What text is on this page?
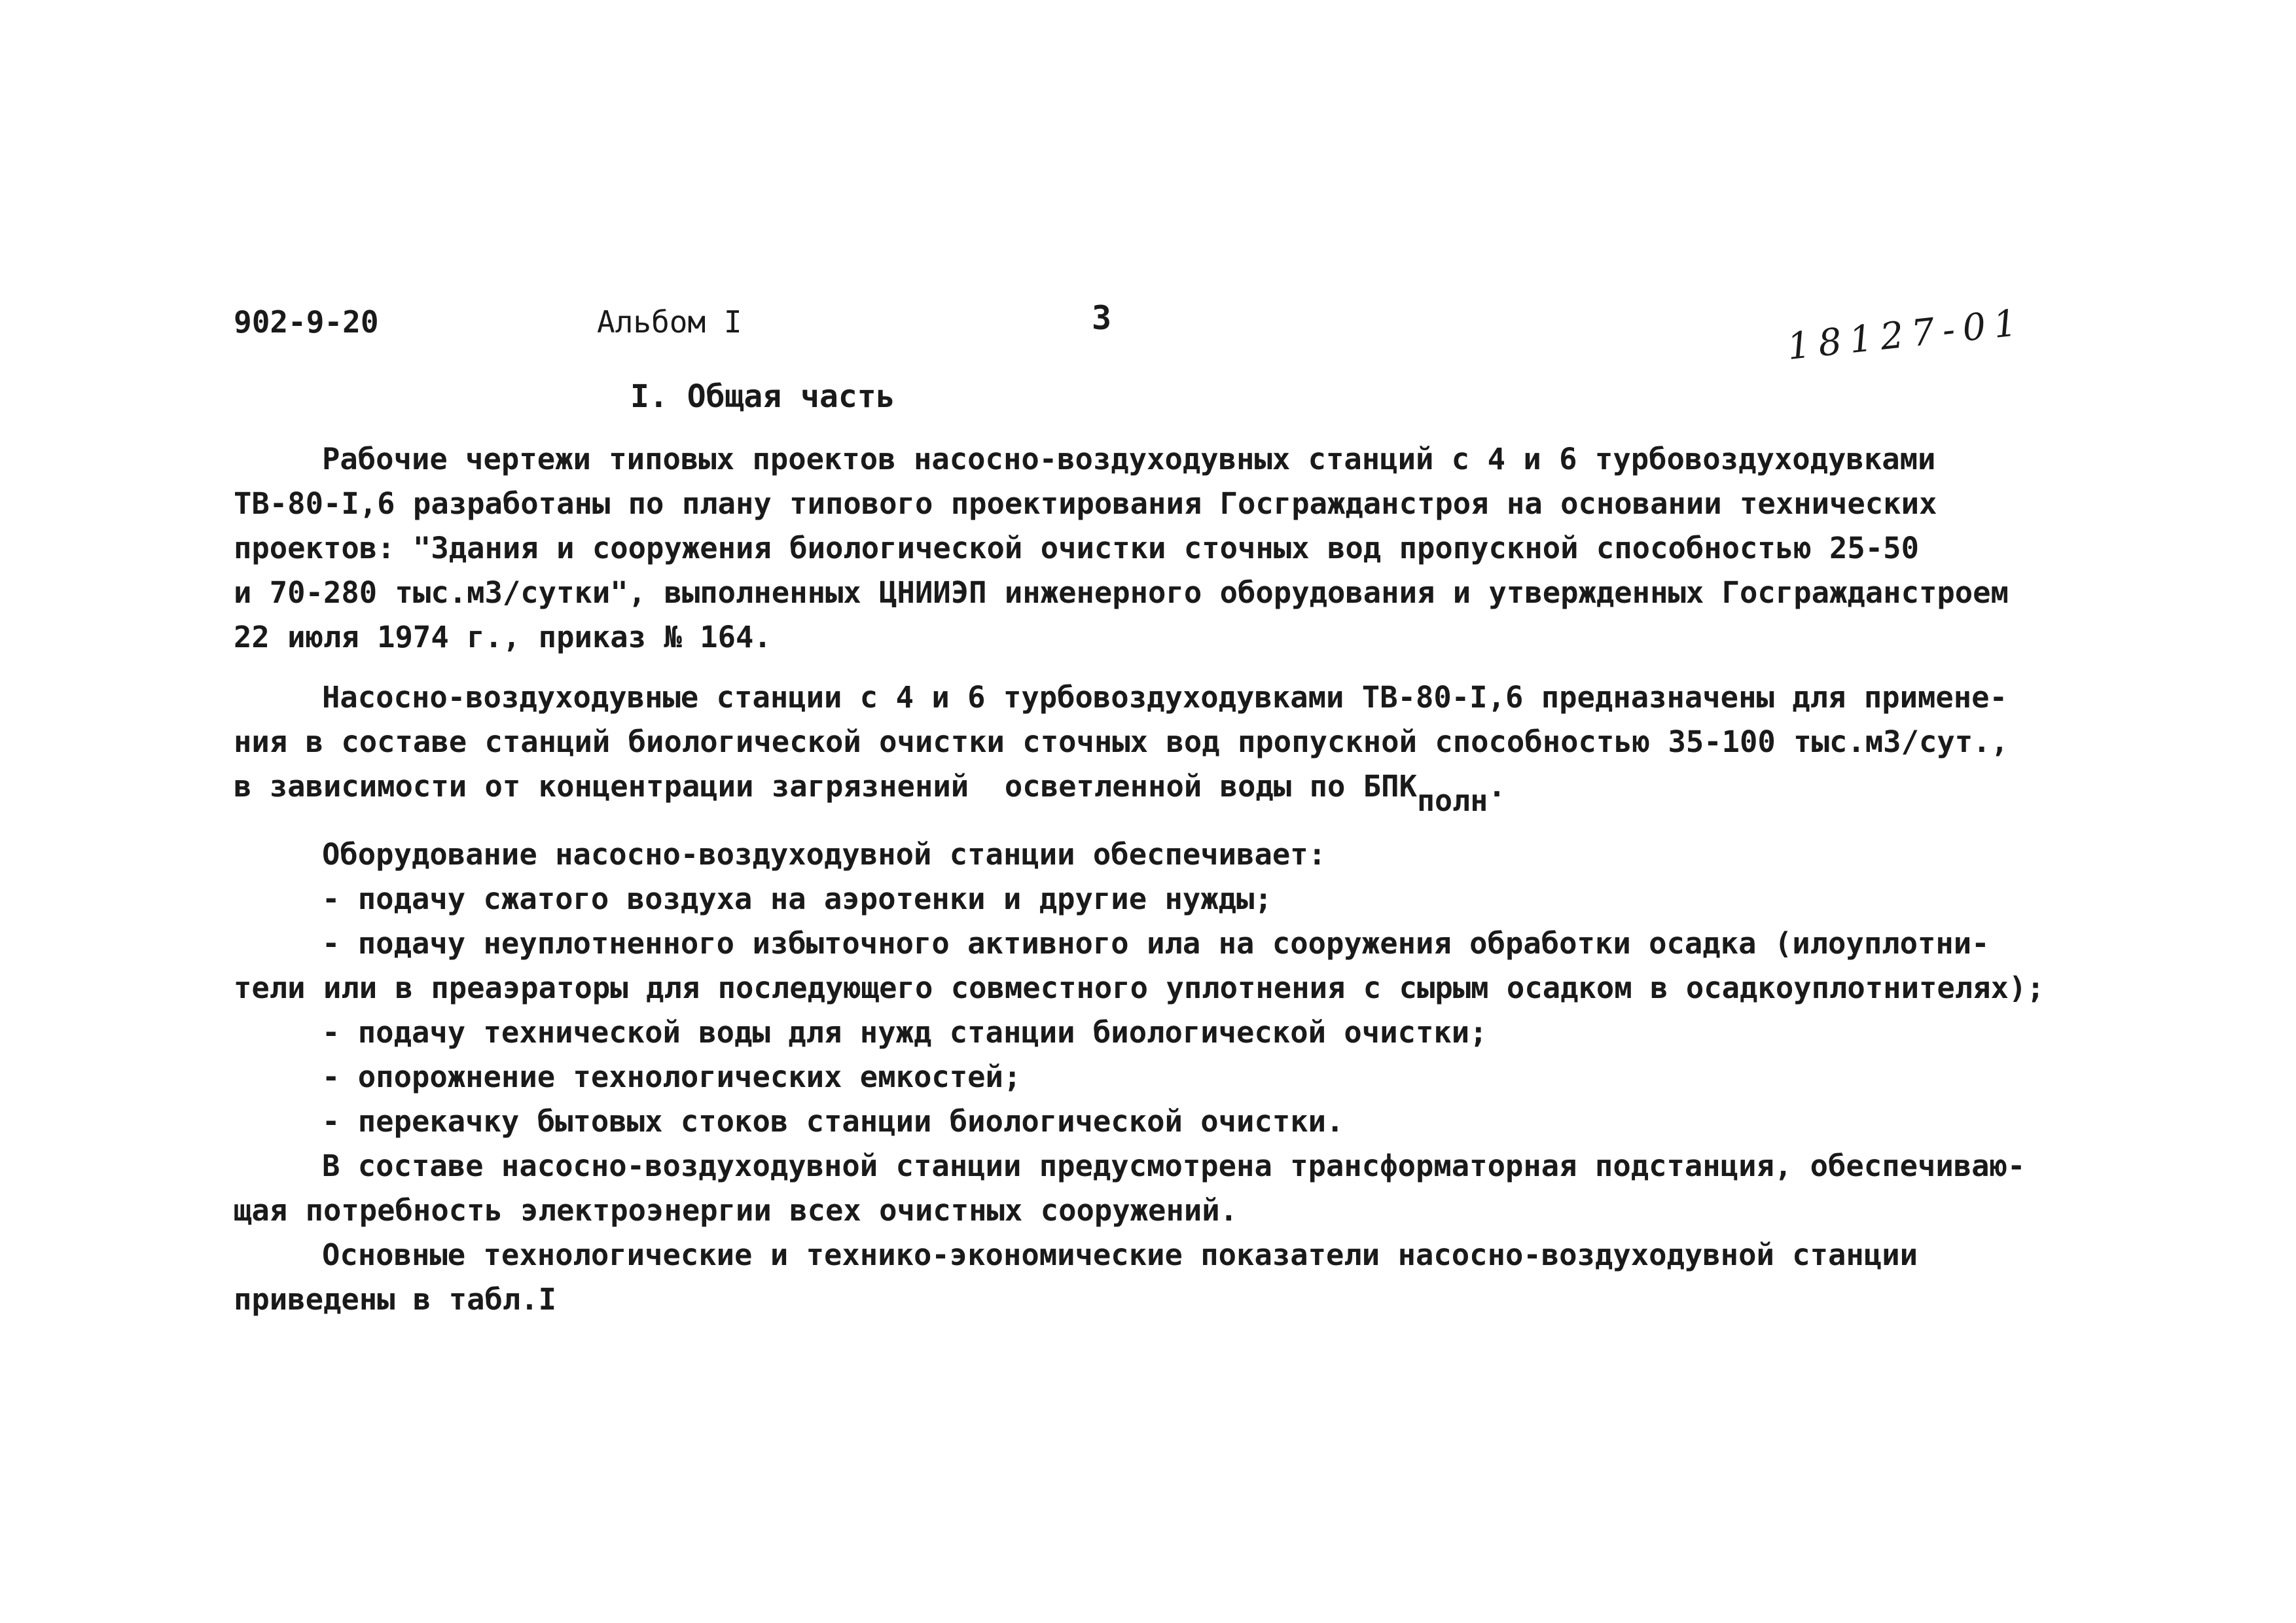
902-9-20	Альбом I	3	18127-01
I. Общая часть
Рабочие чертежи типовых проектов насосно-воздуходувных станций с 4 и 6 турбовоздуходувками
ТВ-80-I,6 разработаны по плану типового проектирования Госгражданстроя на основании технических
проектов: "Здания и сооружения биологической очистки сточных вод пропускной способностью 25-50
и 70-280 тыс.м3/сутки", выполненных ЦНИИЭП инженерного оборудования и утвержденных Госгражданстроем
22 июля 1974 г., приказ № 164.
Насосно-воздуходувные станции с 4 и 6 турбовоздуходувками ТВ-80-I,6 предназначены для примене-
ния в составе станций биологической очистки сточных вод пропускной способностью 35-100 тыс.м3/сут.,
в зависимости от концентрации загрязнений  осветленной воды по $БПК_{полн}$.
Оборудование насосно-воздуходувной станции обеспечивает:
- подачу сжатого воздуха на аэротенки и другие нужды;
- подачу неуплотненного избыточного активного ила на сооружения обработки осадка (илоуплотни-
тели или в преаэраторы для последующего совместного уплотнения с сырым осадком в осадкоуплотнителях);
- подачу технической воды для нужд станции биологической очистки;
- опорожнение технологических емкостей;
- перекачку бытовых стоков станции биологической очистки.
В составе насосно-воздуходувной станции предусмотрена трансформаторная подстанция, обеспечиваю-
щая потребность электроэнергии всех очистных сооружений.
Основные технологические и технико-экономические показатели насосно-воздуходувной станции
приведены в табл.I
